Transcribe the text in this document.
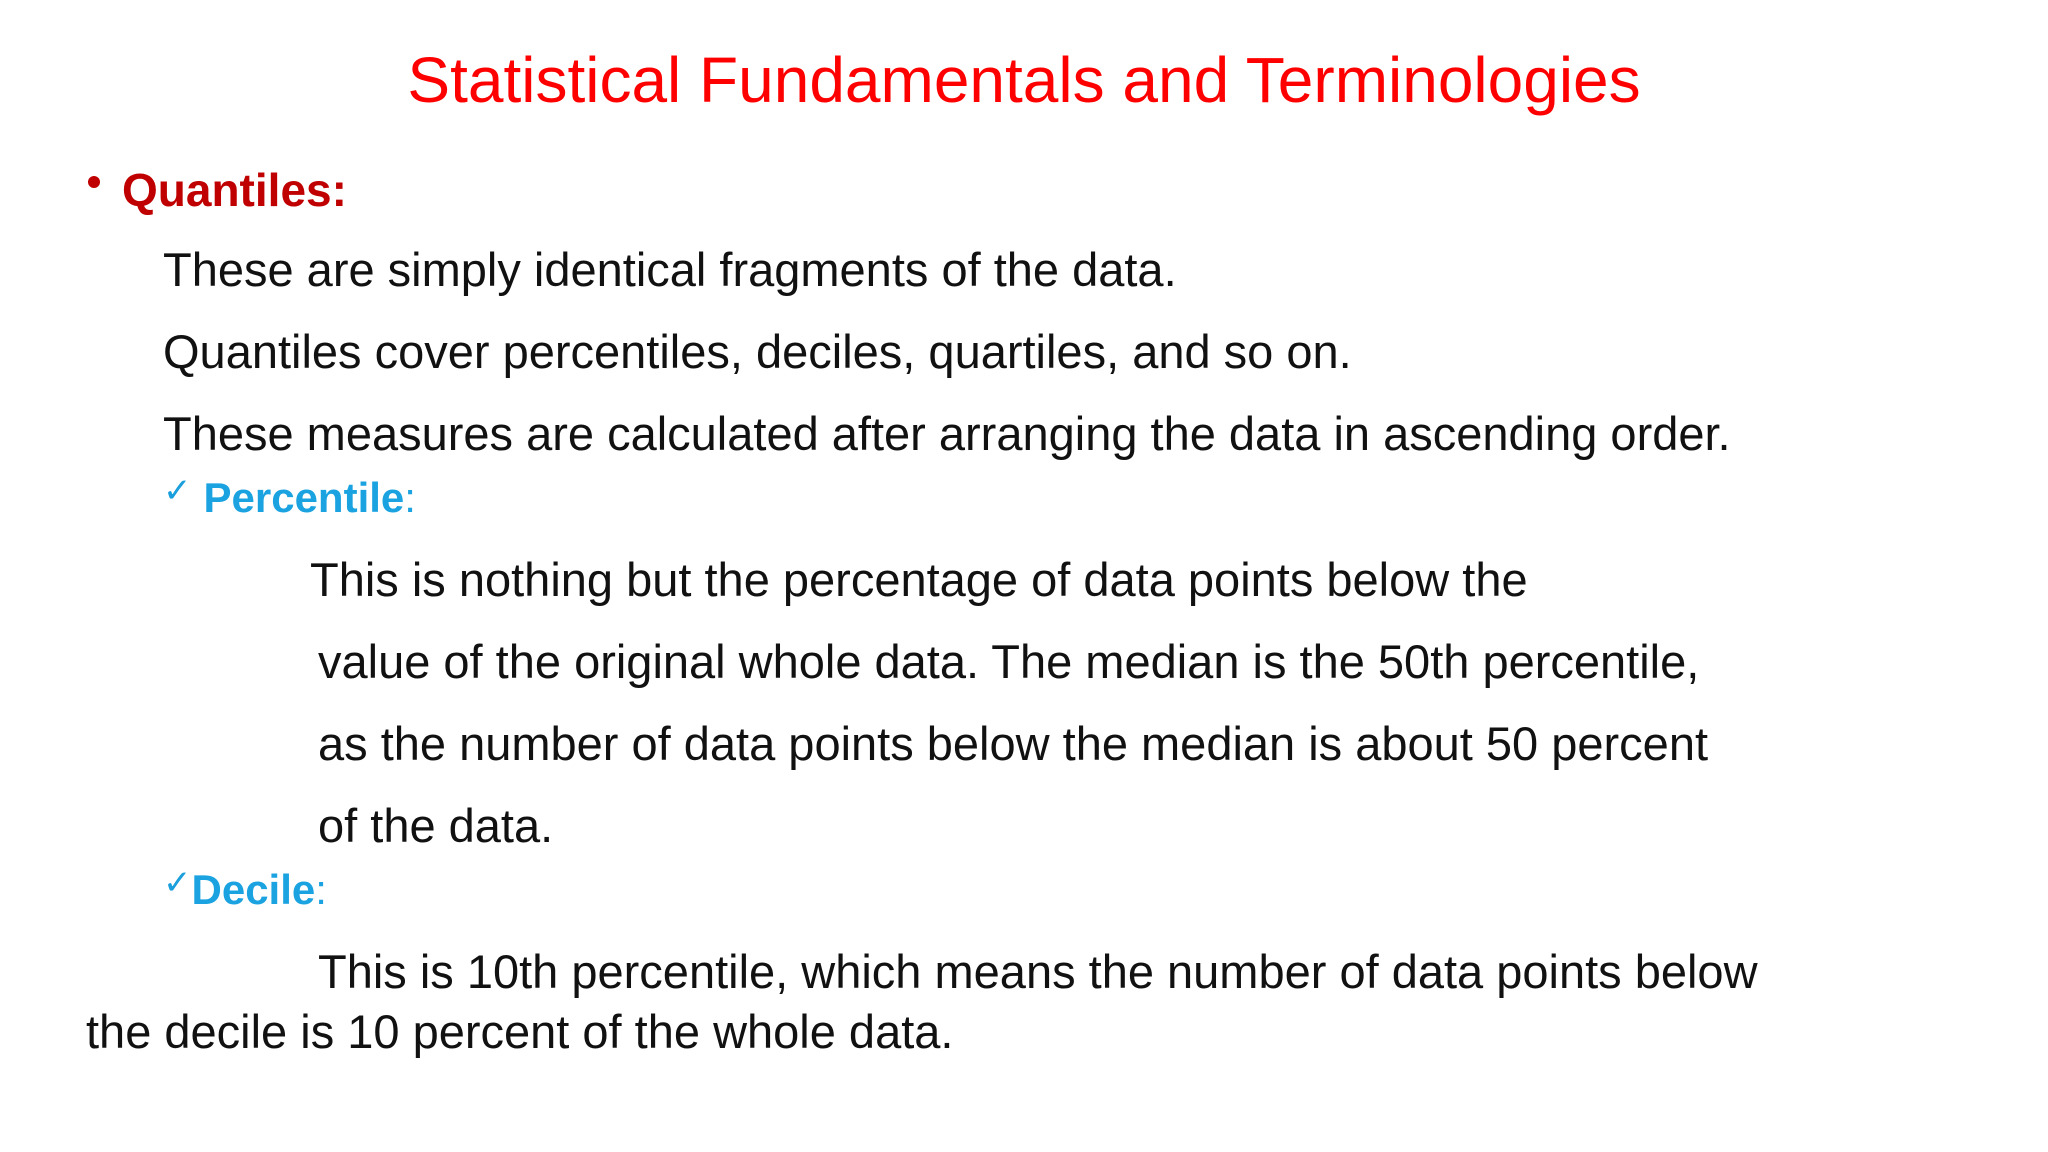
Statistical Fundamentals and Terminologies
Quantiles:
These are simply identical fragments of the data.
Quantiles cover percentiles, deciles, quartiles, and so on.
These measures are calculated after arranging the data in ascending order.
✓ Percentile :
This is nothing but the percentage of data points below the
value of the original whole data. The median is the 50th percentile,
as the number of data points below the median is about 50 percent
of the data.
✓ Decile :
This is 10th percentile, which means the number of data points below
the decile is 10 percent of the whole data.
